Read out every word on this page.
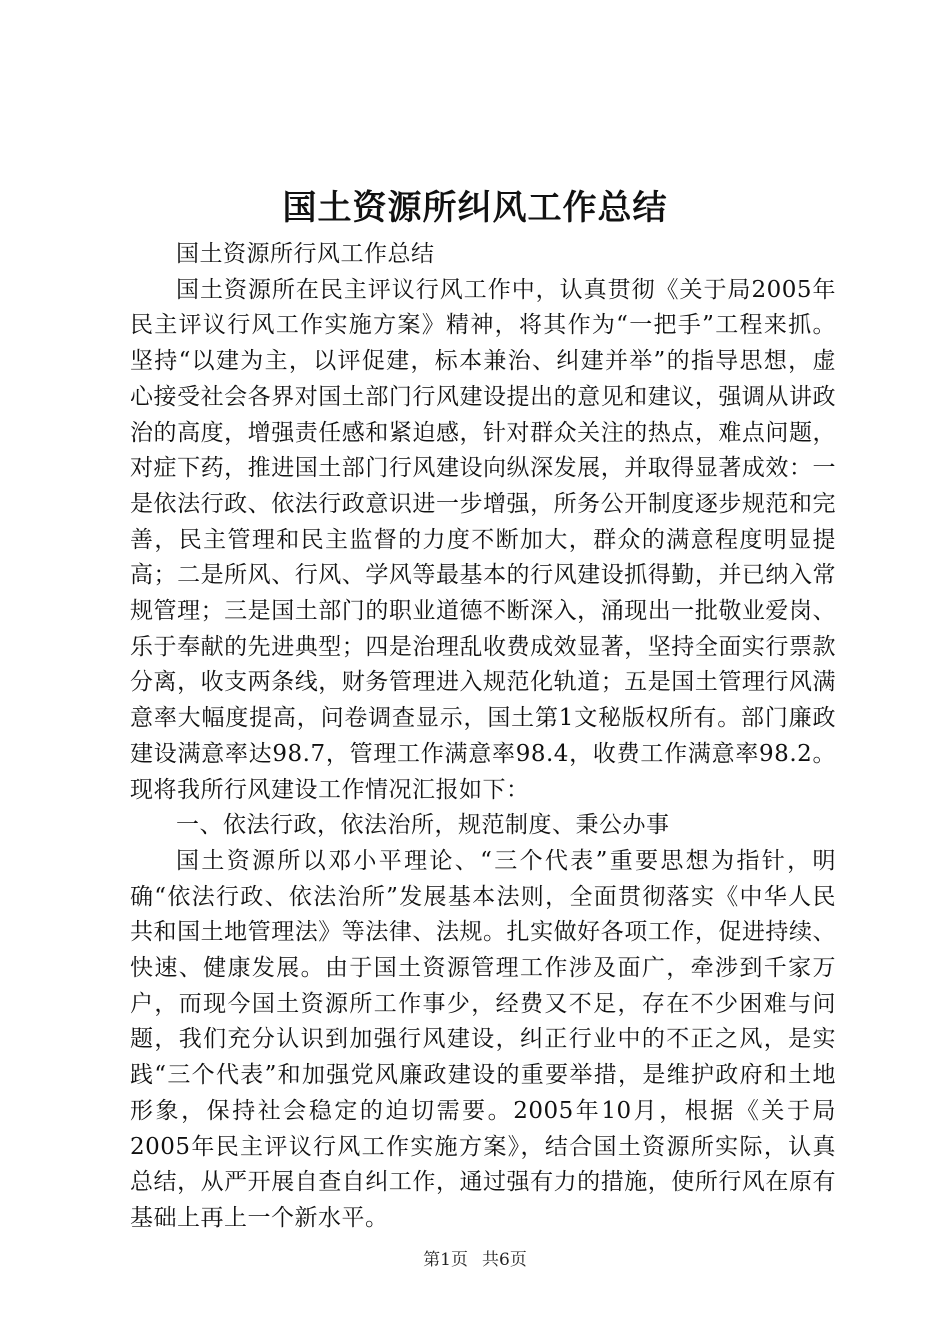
国土资源所纠风工作总结

国土资源所行风工作总结

国土资源所在民主评议行风工作中，认真贯彻《关于局2005年民主评议行风工作实施方案》精神，将其作为“一把手”工程来抓。坚持“以建为主，以评促建，标本兼治、纠建并举”的指导思想，虚心接受社会各界对国土部门行风建设提出的意见和建议，强调从讲政治的高度，增强责任感和紧迫感，针对群众关注的热点，难点问题，对症下药，推进国土部门行风建设向纵深发展，并取得显著成效：一是依法行政、依法行政意识进一步增强，所务公开制度逐步规范和完善，民主管理和民主监督的力度不断加大，群众的满意程度明显提高；二是所风、行风、学风等最基本的行风建设抓得勤，并已纳入常规管理；三是国土部门的职业道德不断深入，涌现出一批敬业爱岗、乐于奉献的先进典型；四是治理乱收费成效显著，坚持全面实行票款分离，收支两条线，财务管理进入规范化轨道；五是国土管理行风满意率大幅度提高，问卷调查显示，国土第1文秘版权所有。部门廉政建设满意率达98.7，管理工作满意率98.4，收费工作满意率98.2。现将我所行风建设工作情况汇报如下：

一、依法行政，依法治所，规范制度、秉公办事

国土资源所以邓小平理论、“三个代表”重要思想为指针，明确“依法行政、依法治所”发展基本法则，全面贯彻落实《中华人民共和国土地管理法》等法律、法规。扎实做好各项工作，促进持续、快速、健康发展。由于国土资源管理工作涉及面广，牵涉到千家万户，而现今国土资源所工作事少，经费又不足，存在不少困难与问题，我们充分认识到加强行风建设，纠正行业中的不正之风，是实践“三个代表”和加强党风廉政建设的重要举措，是维护政府和土地形象，保持社会稳定的迫切需要。2005年10月，根据《关于局2005年民主评议行风工作实施方案》，结合国土资源所实际，认真总结，从严开展自查自纠工作，通过强有力的措施，使所行风在原有基础上再上一个新水平。

第1页 共6页
